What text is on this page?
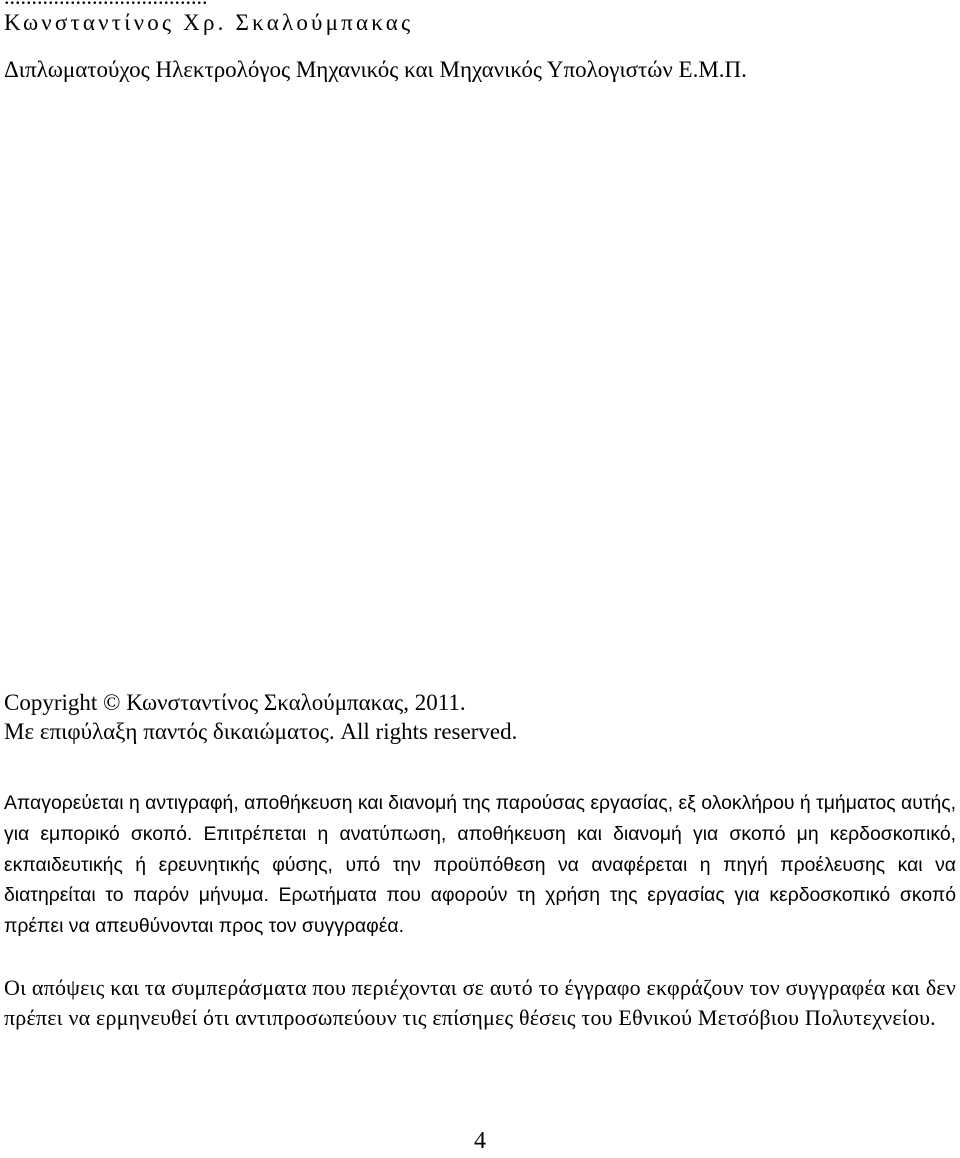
Κωνσταντίνος Χρ. Σκαλούμπακας

Διπλωματούχος Ηλεκτρολόγος Μηχανικός και Μηχανικός Υπολογιστών Ε.Μ.Π.

Copyright © Κωνσταντίνος Σκαλούμπακας, 2011.

Με επιφύλαξη παντός δικαιώματος. All rights reserved.

Απαγορεύεται η αντιγραφή, αποθήκευση και διανομή της παρούσας εργασίας, εξ ολοκλήρου ή τμήματος αυτής, για εμπορικό σκοπό. Επιτρέπεται η ανατύπωση, αποθήκευση και διανομή για σκοπό μη κερδοσκοπικό, εκπαιδευτικής ή ερευνητικής φύσης, υπό την προϋπόθεση να αναφέρεται η πηγή προέλευσης και να διατηρείται το παρόν μήνυμα. Ερωτήματα που αφορούν τη χρήση της εργασίας για κερδοσκοπικό σκοπό πρέπει να απευθύνονται προς τον συγγραφέα.

Οι απόψεις και τα συμπεράσματα που περιέχονται σε αυτό το έγγραφο εκφράζουν τον συγγραφέα και δεν πρέπει να ερμηνευθεί ότι αντιπροσωπεύουν τις επίσημες θέσεις του Εθνικού Μετσόβιου Πολυτεχνείου.

4
